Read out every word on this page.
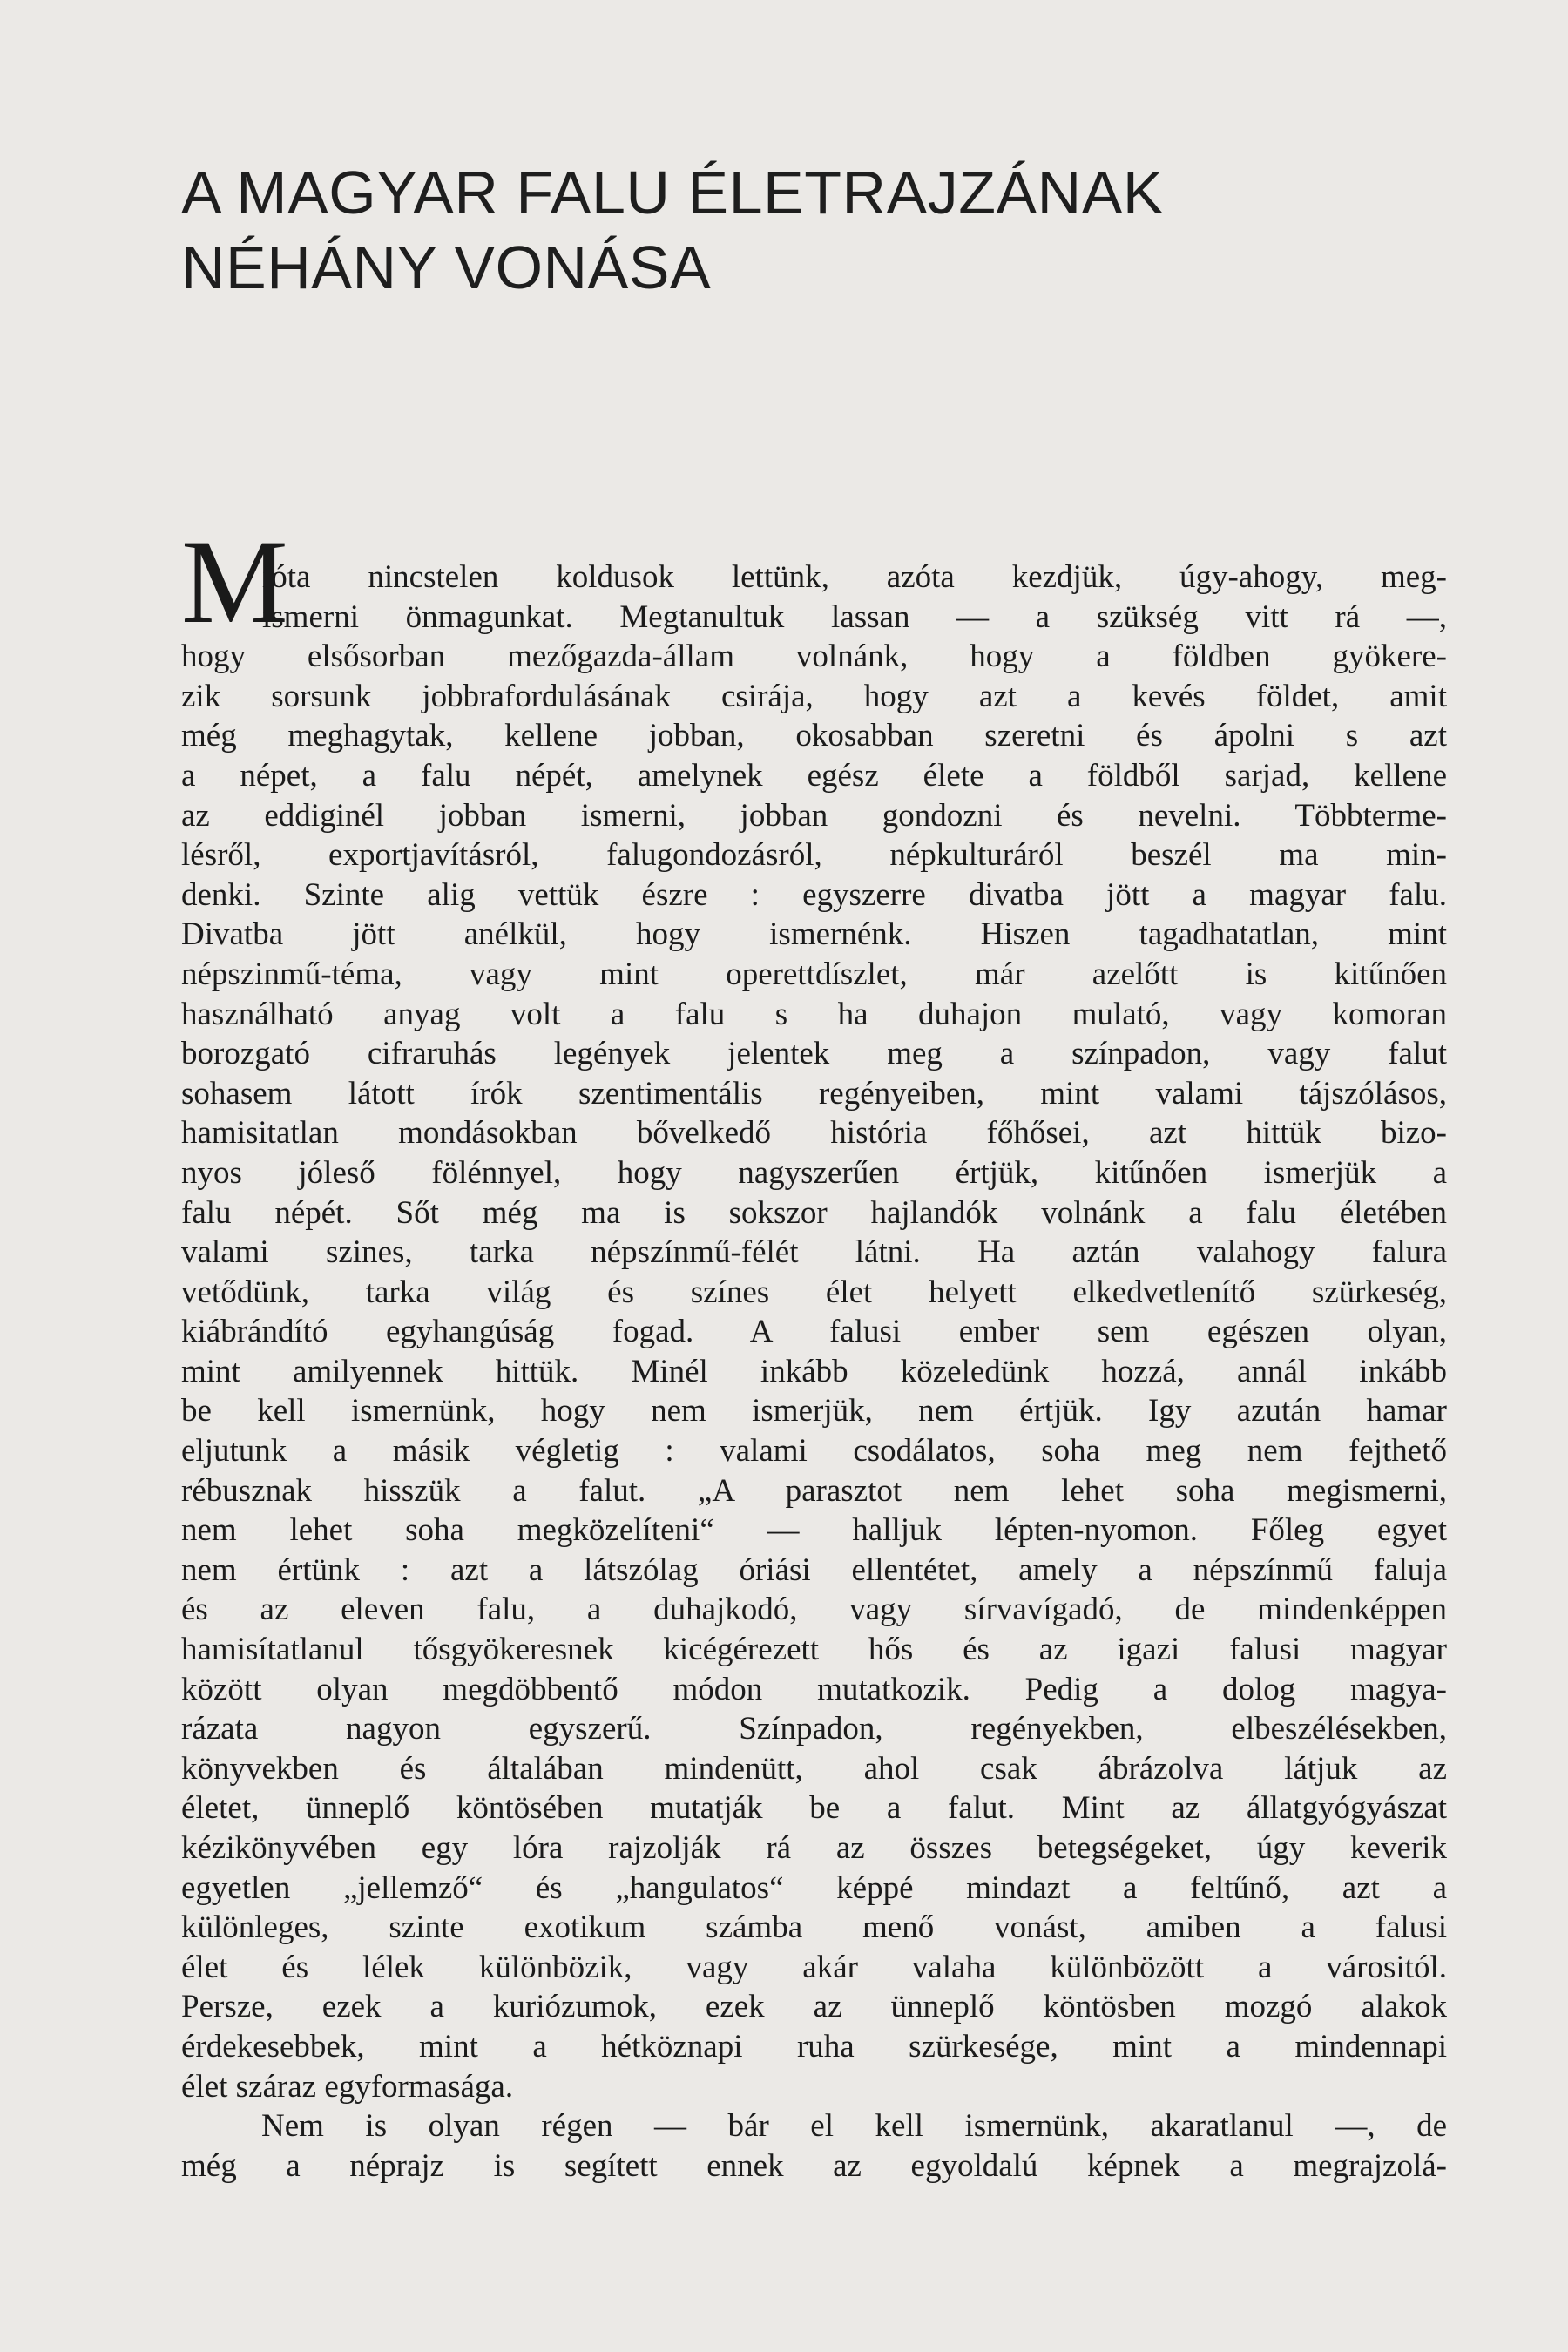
A MAGYAR FALU ÉLETRAJZÁNAK
NÉHÁNY VONÁSA
M
ióta nincstelen koldusok lettünk, azóta kezdjük, úgy-ahogy, meg-
ismerni önmagunkat. Megtanultuk lassan — a szükség vitt rá —,
hogy elsősorban mezőgazda-állam volnánk, hogy a földben gyökere-
zik sorsunk jobbrafordulásának csirája, hogy azt a kevés földet, amit
még meghagytak, kellene jobban, okosabban szeretni és ápolni s azt
a népet, a falu népét, amelynek egész élete a földből sarjad, kellene
az eddiginél jobban ismerni, jobban gondozni és nevelni. Többterme-
lésről, exportjavításról, falugondozásról, népkulturáról beszél ma min-
denki. Szinte alig vettük észre : egyszerre divatba jött a magyar falu.
Divatba jött anélkül, hogy ismernénk. Hiszen tagadhatatlan, mint
népszinmű-téma, vagy mint operettdíszlet, már azelőtt is kitűnően
használható anyag volt a falu s ha duhajon mulató, vagy komoran
borozgató cifraruhás legények jelentek meg a színpadon, vagy falut
sohasem látott írók szentimentális regényeiben, mint valami tájszólásos,
hamisitatlan mondásokban bővelkedő história főhősei, azt hittük bizo-
nyos jóleső fölénnyel, hogy nagyszerűen értjük, kitűnően ismerjük a
falu népét. Sőt még ma is sokszor hajlandók volnánk a falu életében
valami szines, tarka népszínmű-félét látni. Ha aztán valahogy falura
vetődünk, tarka világ és színes élet helyett elkedvetlenítő szürkeség,
kiábrándító egyhangúság fogad. A falusi ember sem egészen olyan,
mint amilyennek hittük. Minél inkább közeledünk hozzá, annál inkább
be kell ismernünk, hogy nem ismerjük, nem értjük. Igy azután hamar
eljutunk a másik végletig : valami csodálatos, soha meg nem fejthető
rébusznak hisszük a falut. „A parasztot nem lehet soha megismerni,
nem lehet soha megközelíteni“ — halljuk lépten-nyomon. Főleg egyet
nem értünk : azt a látszólag óriási ellentétet, amely a népszínmű faluja
és az eleven falu, a duhajkodó, vagy sírvavígadó, de mindenképpen
hamisítatlanul tősgyökeresnek kicégérezett hős és az igazi falusi magyar
között olyan megdöbbentő módon mutatkozik. Pedig a dolog magya-
rázata nagyon egyszerű. Színpadon, regényekben, elbeszélésekben,
könyvekben és általában mindenütt, ahol csak ábrázolva látjuk az
életet, ünneplő köntösében mutatják be a falut. Mint az állatgyógyászat
kézikönyvében egy lóra rajzolják rá az összes betegségeket, úgy keverik
egyetlen „jellemző“ és „hangulatos“ képpé mindazt a feltűnő, azt a
különleges, szinte exotikum számba menő vonást, amiben a falusi
élet és lélek különbözik, vagy akár valaha különbözött a várositól.
Persze, ezek a kuriózumok, ezek az ünneplő köntösben mozgó alakok
érdekesebbek, mint a hétköznapi ruha szürkesége, mint a mindennapi
élet száraz egyformasága.
Nem is olyan régen — bár el kell ismernünk, akaratlanul —, de
még a néprajz is segített ennek az egyoldalú képnek a megrajzolá-
